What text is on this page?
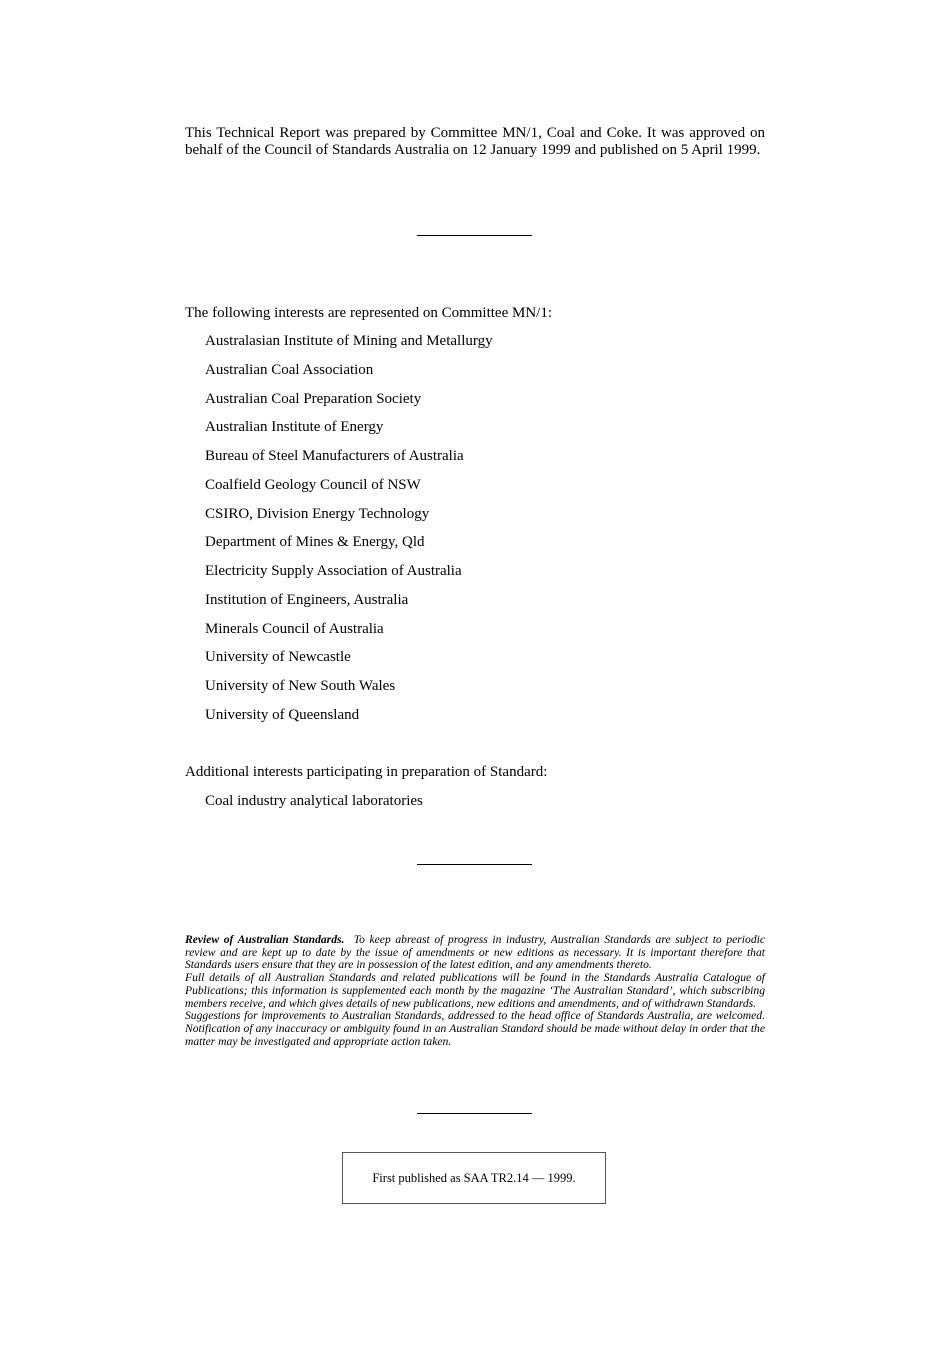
This Technical Report was prepared by Committee MN/1, Coal and Coke. It was approved on behalf of the Council of Standards Australia on 12 January 1999 and published on 5 April 1999.

The following interests are represented on Committee MN/1:

Australasian Institute of Mining and Metallurgy
Australian Coal Association
Australian Coal Preparation Society
Australian Institute of Energy
Bureau of Steel Manufacturers of Australia
Coalfield Geology Council of NSW
CSIRO, Division Energy Technology
Department of Mines & Energy, Qld
Electricity Supply Association of Australia
Institution of Engineers, Australia
Minerals Council of Australia
University of Newcastle
University of New South Wales
University of Queensland

Additional interests participating in preparation of Standard:

Coal industry analytical laboratories

Review of Australian Standards. To keep abreast of progress in industry, Australian Standards are subject to periodic review and are kept up to date by the issue of amendments or new editions as necessary. It is important therefore that Standards users ensure that they are in possession of the latest edition, and any amendments thereto.

Full details of all Australian Standards and related publications will be found in the Standards Australia Catalogue of Publications; this information is supplemented each month by the magazine ‘The Australian Standard’, which subscribing members receive, and which gives details of new publications, new editions and amendments, and of withdrawn Standards.

Suggestions for improvements to Australian Standards, addressed to the head office of Standards Australia, are welcomed. Notification of any inaccuracy or ambiguity found in an Australian Standard should be made without delay in order that the matter may be investigated and appropriate action taken.

First published as SAA TR2.14 — 1999.
